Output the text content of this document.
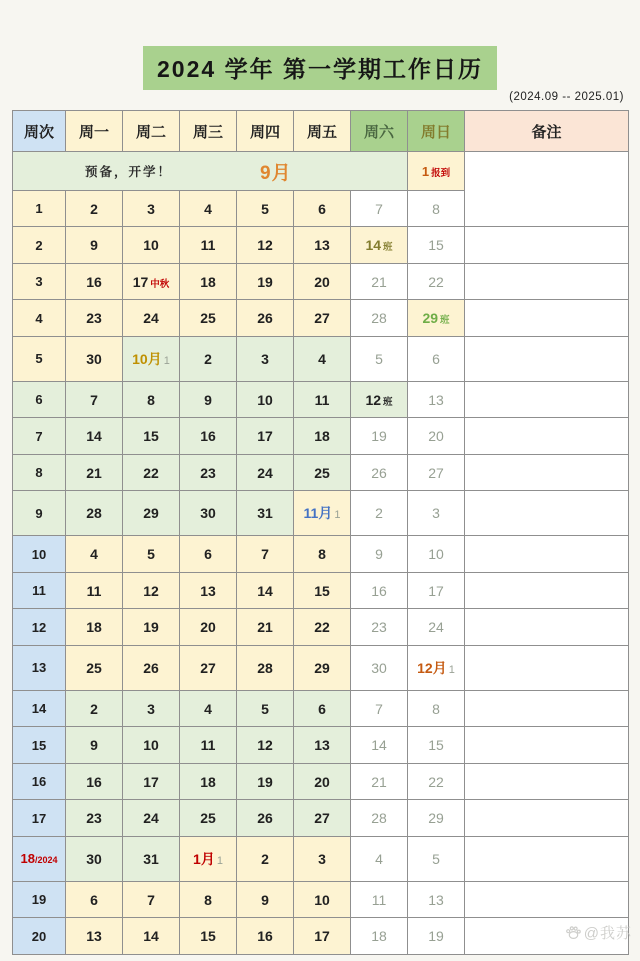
2024 学年 第一学期工作日历
(2024.09 -- 2025.01)
周次	周一	周二	周三	周四	周五	周六	周日	备注

预备，开学！ 9月							1 报到	
1	2	3	4	5	6	7	8	
2	9	10	11	12	13	14 班	15	
3	16	17 中秋	18	19	20	21	22	
4	23	24	25	26	27	28	29 班	
5	30	10月 1	2	3	4	5	6	
6	7	8	9	10	11	12 班	13	
7	14	15	16	17	18	19	20	
8	21	22	23	24	25	26	27	
9	28	29	30	31	11月 1	2	3	
10	4	5	6	7	8	9	10	
11	11	12	13	14	15	16	17	
12	18	19	20	21	22	23	24	
13	25	26	27	28	29	30	12月 1	
14	2	3	4	5	6	7	8	
15	9	10	11	12	13	14	15	
16	16	17	18	19	20	21	22	
17	23	24	25	26	27	28	29	
18/2024	30	31	1月 1	2	3	4	5	
19	6	7	8	9	10	11	13	
20	13	14	15	16	17	18	19		@我苏
